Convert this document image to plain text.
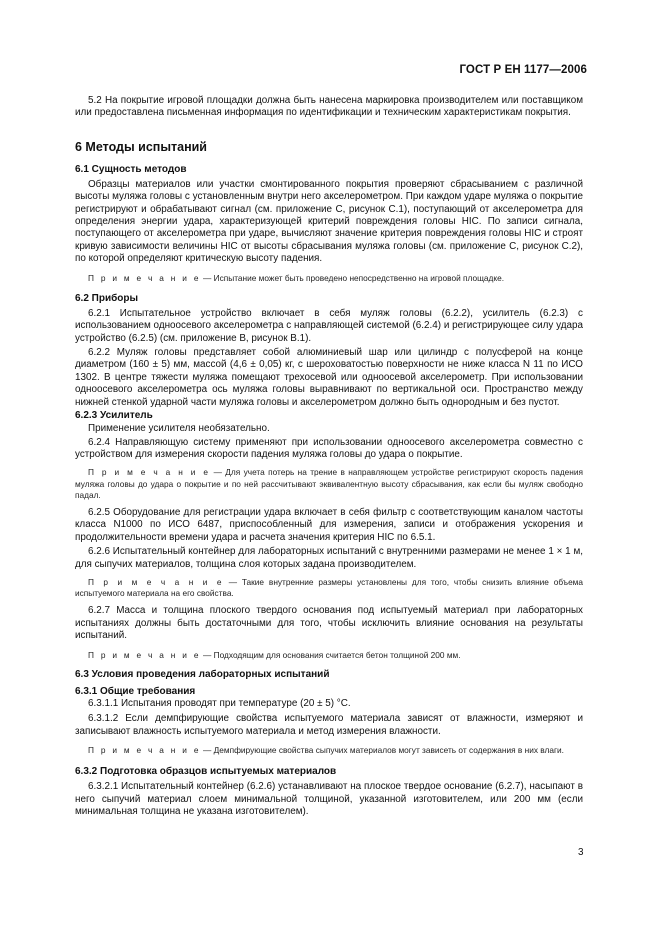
ГОСТ Р ЕН 1177—2006

5.2 На покрытие игровой площадки должна быть нанесена маркировка производителем или поставщиком или предоставлена письменная информация по идентификации и техническим характеристикам покрытия.

6 Методы испытаний
6.1 Сущность методов

Образцы материалов или участки смонтированного покрытия проверяют сбрасыванием с различной высоты муляжа головы с установленным внутри него акселерометром. При каждом ударе муляжа о покрытие регистрируют и обрабатывают сигнал (см. приложение С, рисунок С.1), поступающий от акселерометра для определения энергии удара, характеризующей критерий повреждения головы HIC. По записи сигнала, поступающего от акселерометра при ударе, вычисляют значение критерия повреждения головы HIC и строят кривую зависимости величины HIC от высоты сбрасывания муляжа головы (см. приложение С, рисунок С.2), по которой определяют критическую высоту падения.

П р и м е ч а н и е — Испытание может быть проведено непосредственно на игровой площадке.

6.2 Приборы

6.2.1 Испытательное устройство включает в себя муляж головы (6.2.2), усилитель (6.2.3) с использованием одноосевого акселерометра с направляющей системой (6.2.4) и регистрирующее силу удара устройство (6.2.5) (см. приложение В, рисунок В.1).

6.2.2 Муляж головы представляет собой алюминиевый шар или цилиндр с полусферой на конце диаметром (160 ± 5) мм, массой (4,6 ± 0,05) кг, с шероховатостью поверхности не ниже класса N 11 по ИСО 1302. В центре тяжести муляжа помещают трехосевой или одноосевой акселерометр. При использовании одноосевого акселерометра ось муляжа головы выравнивают по вертикальной оси. Пространство между нижней стенкой ударной части муляжа головы и акселерометром должно быть однородным и без пустот.

6.2.3 Усилитель

Применение усилителя необязательно.

6.2.4 Направляющую систему применяют при использовании одноосевого акселерометра совместно с устройством для измерения скорости падения муляжа головы до удара о покрытие.

П р и м е ч а н и е — Для учета потерь на трение в направляющем устройстве регистрируют скорость падения муляжа головы до удара о покрытие и по ней рассчитывают эквивалентную высоту сбрасывания, как если бы муляж свободно падал.

6.2.5 Оборудование для регистрации удара включает в себя фильтр с соответствующим каналом частоты класса N1000 по ИСО 6487, приспособленный для измерения, записи и отображения ускорения и продолжительности времени удара и расчета значения критерия HIC по 6.5.1.

6.2.6 Испытательный контейнер для лабораторных испытаний с внутренними размерами не менее 1 × 1 м, для сыпучих материалов, толщина слоя которых задана производителем.

П р и м е ч а н и е — Такие внутренние размеры установлены для того, чтобы снизить влияние объема испытуемого материала на его свойства.

6.2.7 Масса и толщина плоского твердого основания под испытуемый материал при лабораторных испытаниях должны быть достаточными для того, чтобы исключить влияние основания на результаты испытаний.

П р и м е ч а н и е — Подходящим для основания считается бетон толщиной 200 мм.

6.3 Условия проведения лабораторных испытаний
6.3.1 Общие требования

6.3.1.1 Испытания проводят при температуре (20 ± 5) °С.

6.3.1.2 Если демпфирующие свойства испытуемого материала зависят от влажности, измеряют и записывают влажность испытуемого материала и метод измерения влажности.

П р и м е ч а н и е — Демпфирующие свойства сыпучих материалов могут зависеть от содержания в них влаги.

6.3.2 Подготовка образцов испытуемых материалов

6.3.2.1 Испытательный контейнер (6.2.6) устанавливают на плоское твердое основание (6.2.7), насыпают в него сыпучий материал слоем минимальной толщиной, указанной изготовителем, или 200 мм (если минимальная толщина не указана изготовителем).

3
